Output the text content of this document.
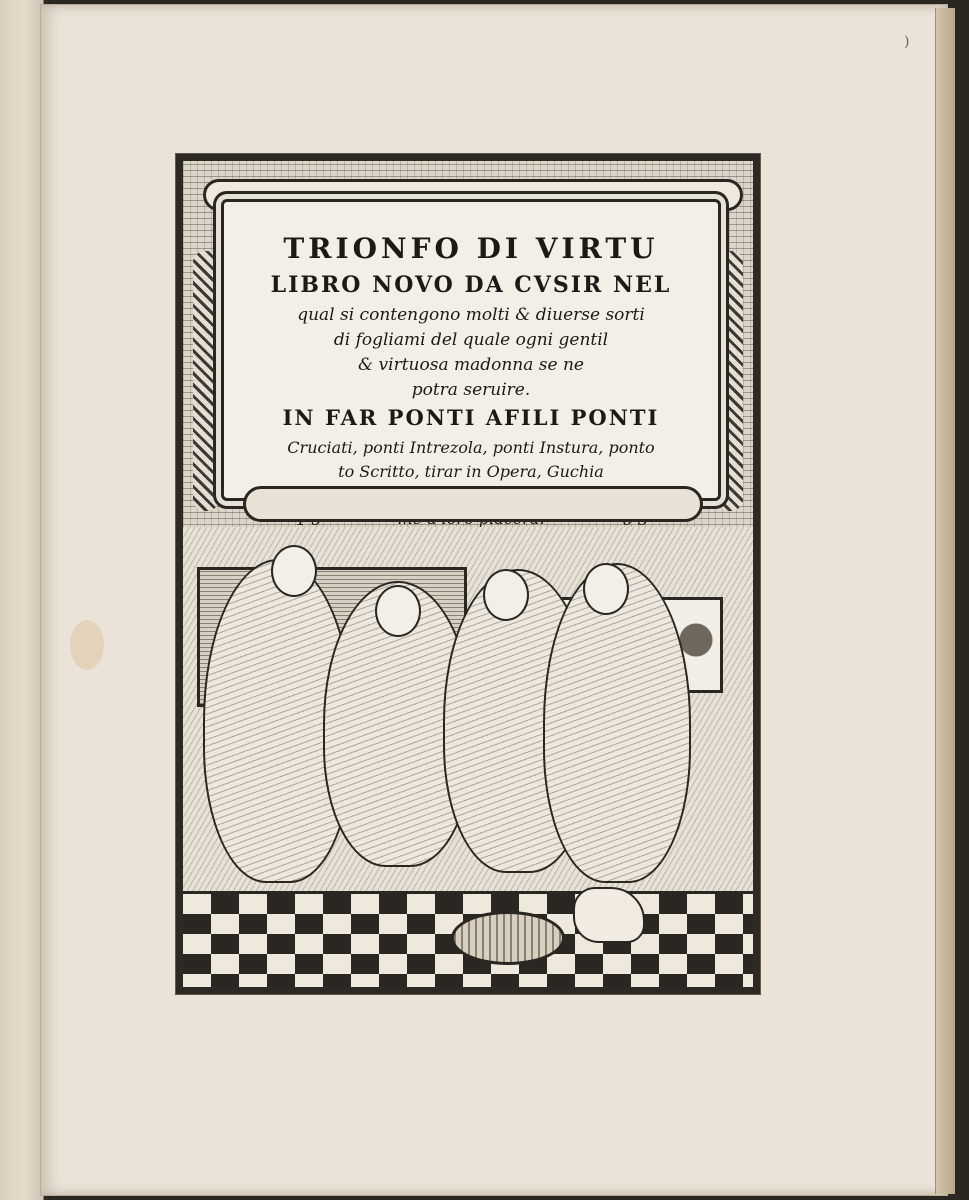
)
TRIONFO DI VIRTU
LIBRO NOVO DA CVSIR NEL
qual si contengono molti & diuerse sorti
di fogliami del quale ogni gentil
& virtuosa madonna se ne
potra seruire.
IN FAR PONTI AFILI PONTI
Cruciati, ponti Intrezola, ponti Instura, ponto
to Scritto, tirar in Opera, Guchia
